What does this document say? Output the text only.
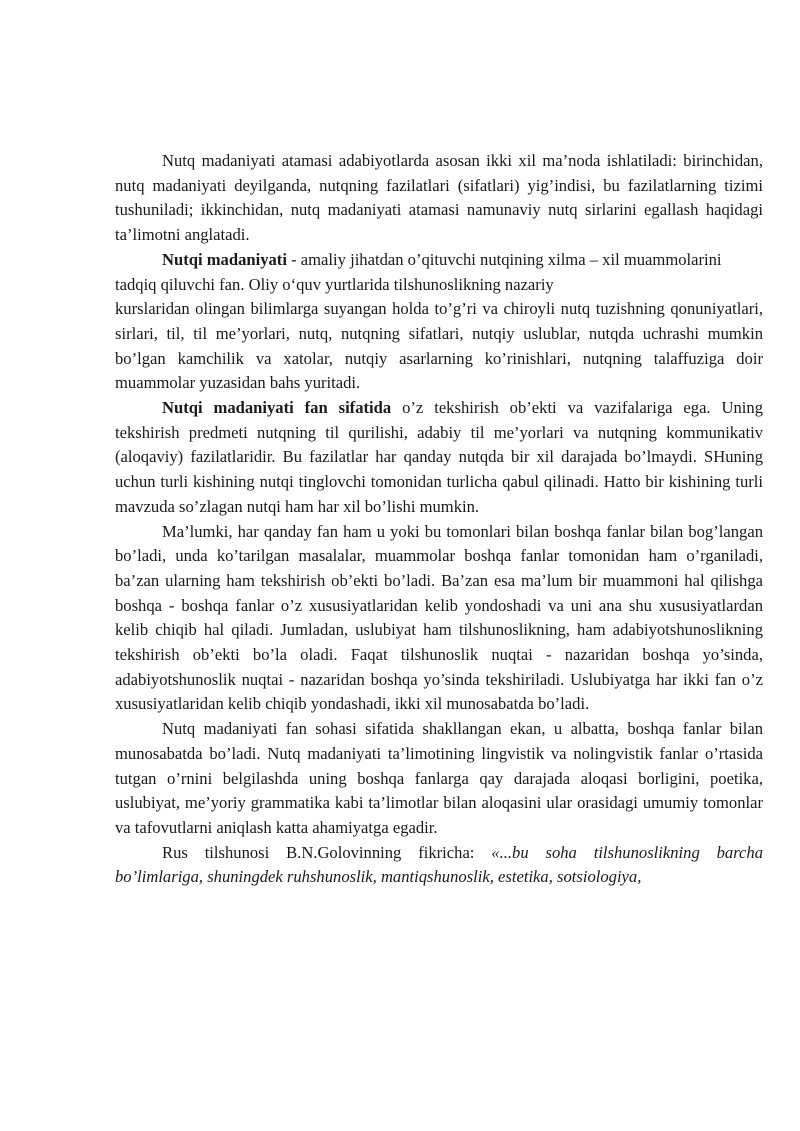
Nutq madaniyati atamasi adabiyotlarda asosan ikki xil ma’noda ishlatiladi: birinchidan, nutq madaniyati deyilganda, nutqning fazilatlari (sifatlari) yig’indisi, bu fazilatlarning tizimi tushuniladi; ikkinchidan, nutq madaniyati atamasi namunaviy nutq sirlarini egallash haqidagi ta’limotni anglatadi.

Nutqi madaniyati - amaliy jihatdan o’qituvchi nutqining xilma – xil muammolarini tadqiq qiluvchi fan. Oliy o‘quv yurtlarida tilshunoslikning nazariy

kurslaridan olingan bilimlarga suyangan holda to’g’ri va chiroyli nutq tuzishning qonuniyatlari, sirlari, til, til me’yorlari, nutq, nutqning sifatlari, nutqiy uslublar, nutqda uchrashi mumkin bo’lgan kamchilik va xatolar, nutqiy asarlarning ko’rinishlari, nutqning talaffuziga doir muammolar yuzasidan bahs yuritadi.

Nutqi madaniyati fan sifatida o’z tekshirish ob’ekti va vazifalariga ega. Uning tekshirish predmeti nutqning til qurilishi, adabiy til me’yorlari va nutqning kommunikativ (aloqaviy) fazilatlaridir. Bu fazilatlar har qanday nutqda bir xil darajada bo’lmaydi. SHuning uchun turli kishining nutqi tinglovchi tomonidan turlicha qabul qilinadi. Hatto bir kishining turli mavzuda so’zlagan nutqi ham har xil bo’lishi mumkin.

Ma’lumki, har qanday fan ham u yoki bu tomonlari bilan boshqa fanlar bilan bog’langan bo’ladi, unda ko’tarilgan masalalar, muammolar boshqa fanlar tomonidan ham o’rganiladi, ba’zan ularning ham tekshirish ob’ekti bo’ladi. Ba’zan esa ma’lum bir muammoni hal qilishga boshqa - boshqa fanlar o’z xususiyatlaridan kelib yondoshadi va uni ana shu xususiyatlardan kelib chiqib hal qiladi. Jumladan, uslubiyat ham tilshunoslikning, ham adabiyotshunoslikning tekshirish ob’ekti bo’la oladi. Faqat tilshunoslik nuqtai - nazaridan boshqa yo’sinda, adabiyotshunoslik nuqtai - nazaridan boshqa yo’sinda tekshiriladi. Uslubiyatga har ikki fan o’z xususiyatlaridan kelib chiqib yondashadi, ikki xil munosabatda bo’ladi.

Nutq madaniyati fan sohasi sifatida shakllangan ekan, u albatta, boshqa fanlar bilan munosabatda bo’ladi. Nutq madaniyati ta’limotining lingvistik va nolingvistik fanlar o’rtasida tutgan o’rnini belgilashda uning boshqa fanlarga qay darajada aloqasi borligini, poetika, uslubiyat, me’yoriy grammatika kabi ta’limotlar bilan aloqasini ular orasidagi umumiy tomonlar va tafovutlarni aniqlash katta ahamiyatga egadir.

Rus tilshunosi B.N.Golovinning fikricha: «...bu soha tilshunoslikning barcha bo’limlariga, shuningdek ruhshunoslik, mantiqshunoslik, estetika, sotsiologiya,
